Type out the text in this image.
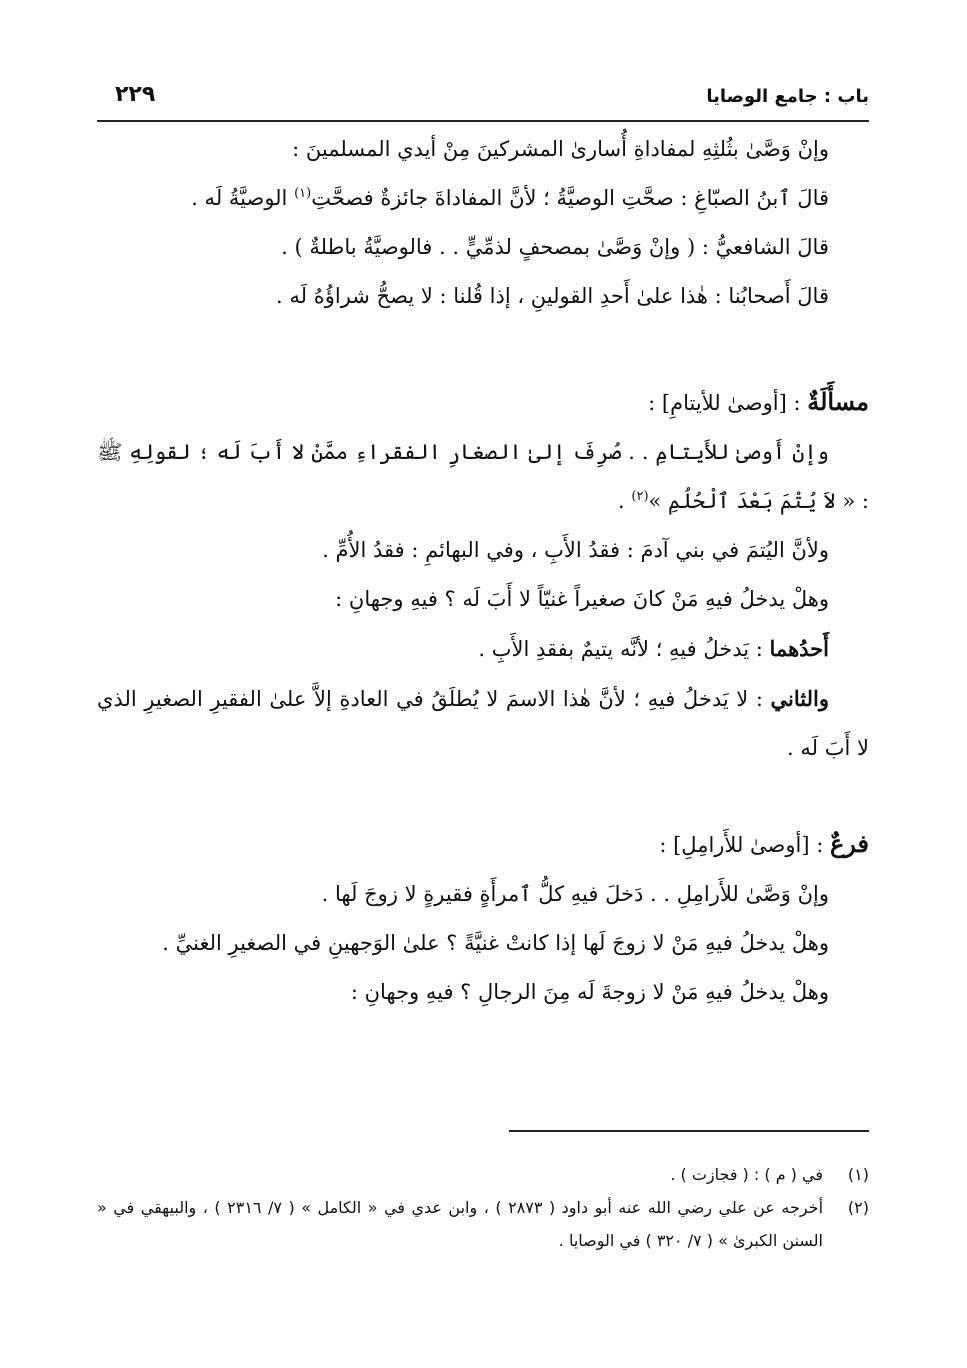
باب : جامع الوصايا
٢٢٩

وإنْ وَصَّىٰ بثُلثِهِ لمفاداةِ أُساریٰ المشرکینَ مِنْ أیدي المسلمینَ :

قالَ ٱبنُ الصبّاغِ : صحَّتِ الوصیَّةُ ؛ لأنَّ المفاداةَ جائزةٌ فصحَّتِ$^{(١)}$ الوصیَّةُ لَه .

قالَ الشافعيُّ : ( وإنْ وَصَّیٰ بمصحفٍ لذمِّيٍّ . . فالوصیَّةُ باطلةٌ ) .

قالَ أَصحابُنا : هٰذا علیٰ أَحدِ القولینِ ، إذا قُلنا : لا یصحُّ شراؤُهُ لَه .

مسأَلَةٌ : [أوصیٰ للأیتامِ] :

وإنْ أَوصیٰ للأَیتامِ . . صُرِفَ إلیٰ الصغارِ الفقراءِ ممَّنْ لا أَبَ لَه ؛ لقولِهِ ﷺ : « لاَ یُتْمَ بَعْدَ ٱلْحُلُمِ »$^{(٢)}$ .

ولأنَّ الیُتمَ في بني آدمَ : فقدُ الأَبِ ، وفي البهائمِ : فقدُ الأُمِّ .

وهلْ یدخلُ فیهِ مَنْ کانَ صغیراً غنیّاً لا أَبَ لَه ؟ فیهِ وجهانِ :

أَحدُهما : یَدخلُ فیهِ ؛ لأنَّه یتیمٌ بفقدِ الأَبِ .

والثاني : لا یَدخلُ فیهِ ؛ لأنَّ هٰذا الاسمَ لا یُطلَقُ في العادةِ إلاَّ علیٰ الفقیرِ الصغیرِ الذي لا أَبَ لَه .

فرعٌ : [أوصیٰ للأَرامِلِ] :

وإنْ وَصَّیٰ للأَرامِلِ . . دَخلَ فیهِ کلُّ ٱمرأَةٍ فقیرةٍ لا زوجَ لَها .

وهلْ یدخلُ فیهِ مَنْ لا زوجَ لَها إذا کانتْ غنیَّةً ؟ علیٰ الوَجهینِ في الصغیرِ الغنيِّ .

وهلْ یدخلُ فیهِ مَنْ لا زوجةَ لَه مِنَ الرجالِ ؟ فیهِ وجهانِ :

(١)
في ( م ) : ( فجازت ) .

(٢)
أخرجه عن علي رضي الله عنه أبو داود ( ٢٨٧٣ ) ، وابن عدي في « الکامل » ( ٧/ ٢٣١٦ ) ، والبیهقي في « السنن الکبریٰ » ( ٧/ ٣٢٠ ) في الوصایا .
